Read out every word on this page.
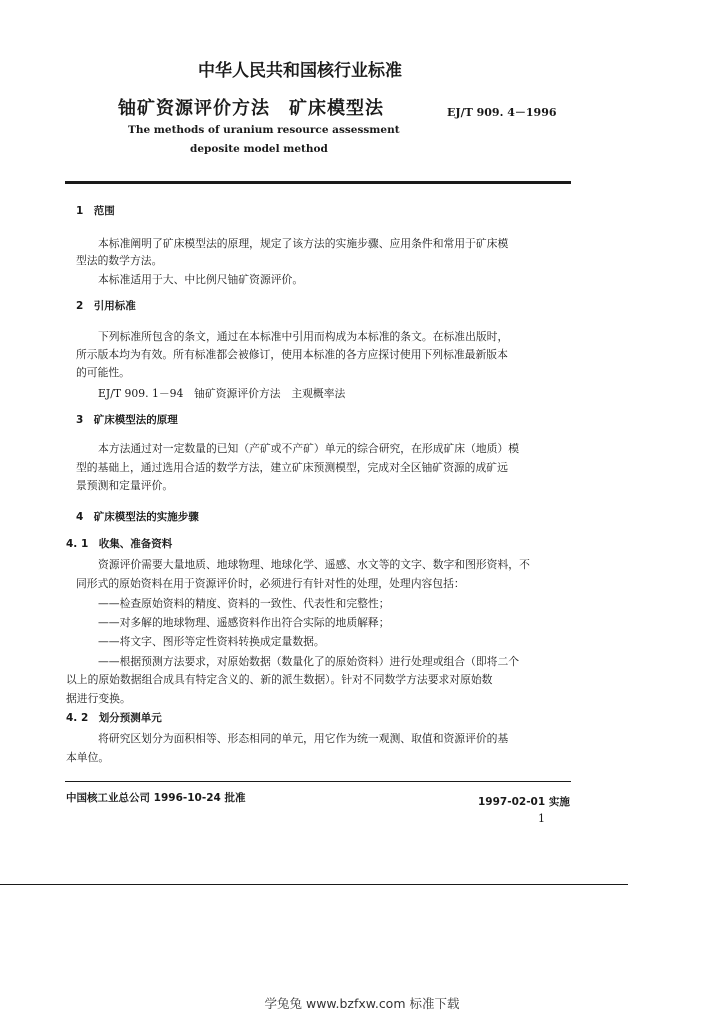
中华人民共和国核行业标准
铀矿资源评价方法　矿床模型法	EJ/T 909. 4－1996
The methods of uranium resource assessment
deposite model method
1　范围
本标准阐明了矿床模型法的原理，规定了该方法的实施步骤、应用条件和常用于矿床模
型法的数学方法。
本标准适用于大、中比例尺铀矿资源评价。
2　引用标准
下列标准所包含的条文，通过在本标准中引用而构成为本标准的条文。在标准出版时，
所示版本均为有效。所有标准都会被修订，使用本标准的各方应探讨使用下列标准最新版本
的可能性。
EJ/T 909. 1－94　铀矿资源评价方法　主观概率法
3　矿床模型法的原理
本方法通过对一定数量的已知（产矿或不产矿）单元的综合研究，在形成矿床（地质）模
型的基础上，通过选用合适的数学方法，建立矿床预测模型，完成对全区铀矿资源的成矿远
景预测和定量评价。
4　矿床模型法的实施步骤
4. 1　收集、准备资料
资源评价需要大量地质、地球物理、地球化学、遥感、水文等的文字、数字和图形资料，不
同形式的原始资料在用于资源评价时，必须进行有针对性的处理，处理内容包括：
——检查原始资料的精度、资料的一致性、代表性和完整性；
——对多解的地球物理、遥感资料作出符合实际的地质解释；
——将文字、图形等定性资料转换成定量数据。
——根据预测方法要求，对原始数据（数量化了的原始资料）进行处理或组合（即将二个
以上的原始数据组合成具有特定含义的、新的派生数据）。针对不同数学方法要求对原始数
据进行变换。
4. 2　划分预测单元
将研究区划分为面积相等、形态相同的单元，用它作为统一观测、取值和资源评价的基
本单位。
中国核工业总公司 1996-10-24 批准	1997-02-01 实施
1
学兔兔 www.bzfxw.com 标准下载
